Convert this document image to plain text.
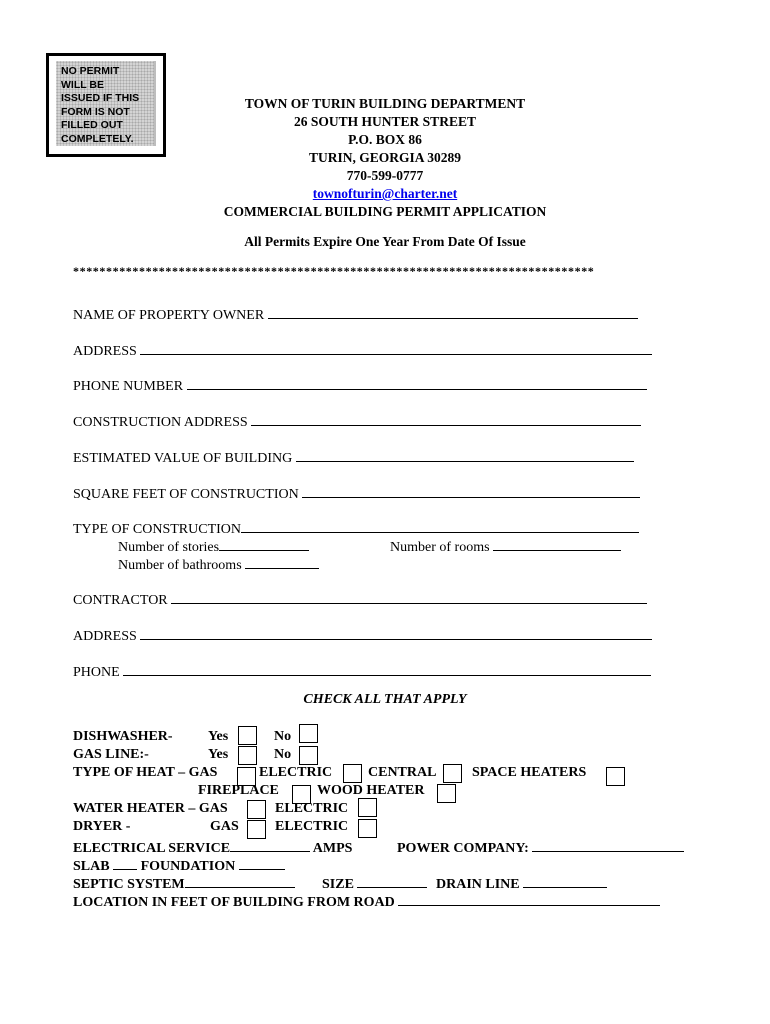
NO PERMIT
WILL BE
ISSUED IF THIS
FORM IS NOT
FILLED OUT
COMPLETELY.
TOWN OF TURIN BUILDING DEPARTMENT
26 SOUTH HUNTER STREET
P.O. BOX 86
TURIN, GEORGIA 30289
770-599-0777
townofturin@charter.net
COMMERCIAL BUILDING PERMIT APPLICATION
All Permits Expire One Year From Date Of Issue
*******************************************************************************
NAME OF PROPERTY OWNER
ADDRESS
PHONE NUMBER
CONSTRUCTION ADDRESS
ESTIMATED VALUE OF BUILDING
SQUARE FEET OF CONSTRUCTION
TYPE OF CONSTRUCTION
Number of stories	Number of rooms
Number of bathrooms
CONTRACTOR
ADDRESS
PHONE
CHECK ALL THAT APPLY
DISHWASHER-	Yes	No
GAS LINE:-	Yes	No
TYPE OF HEAT – GAS	ELECTRIC	CENTRAL	SPACE HEATERS
FIREPLACE	WOOD HEATER
WATER HEATER – GAS	ELECTRIC
DRYER -	GAS	ELECTRIC
ELECTRICAL SERVICE	AMPS	POWER COMPANY:
SLAB FOUNDATION
SEPTIC SYSTEM	SIZE	DRAIN LINE
LOCATION IN FEET OF BUILDING FROM ROAD
